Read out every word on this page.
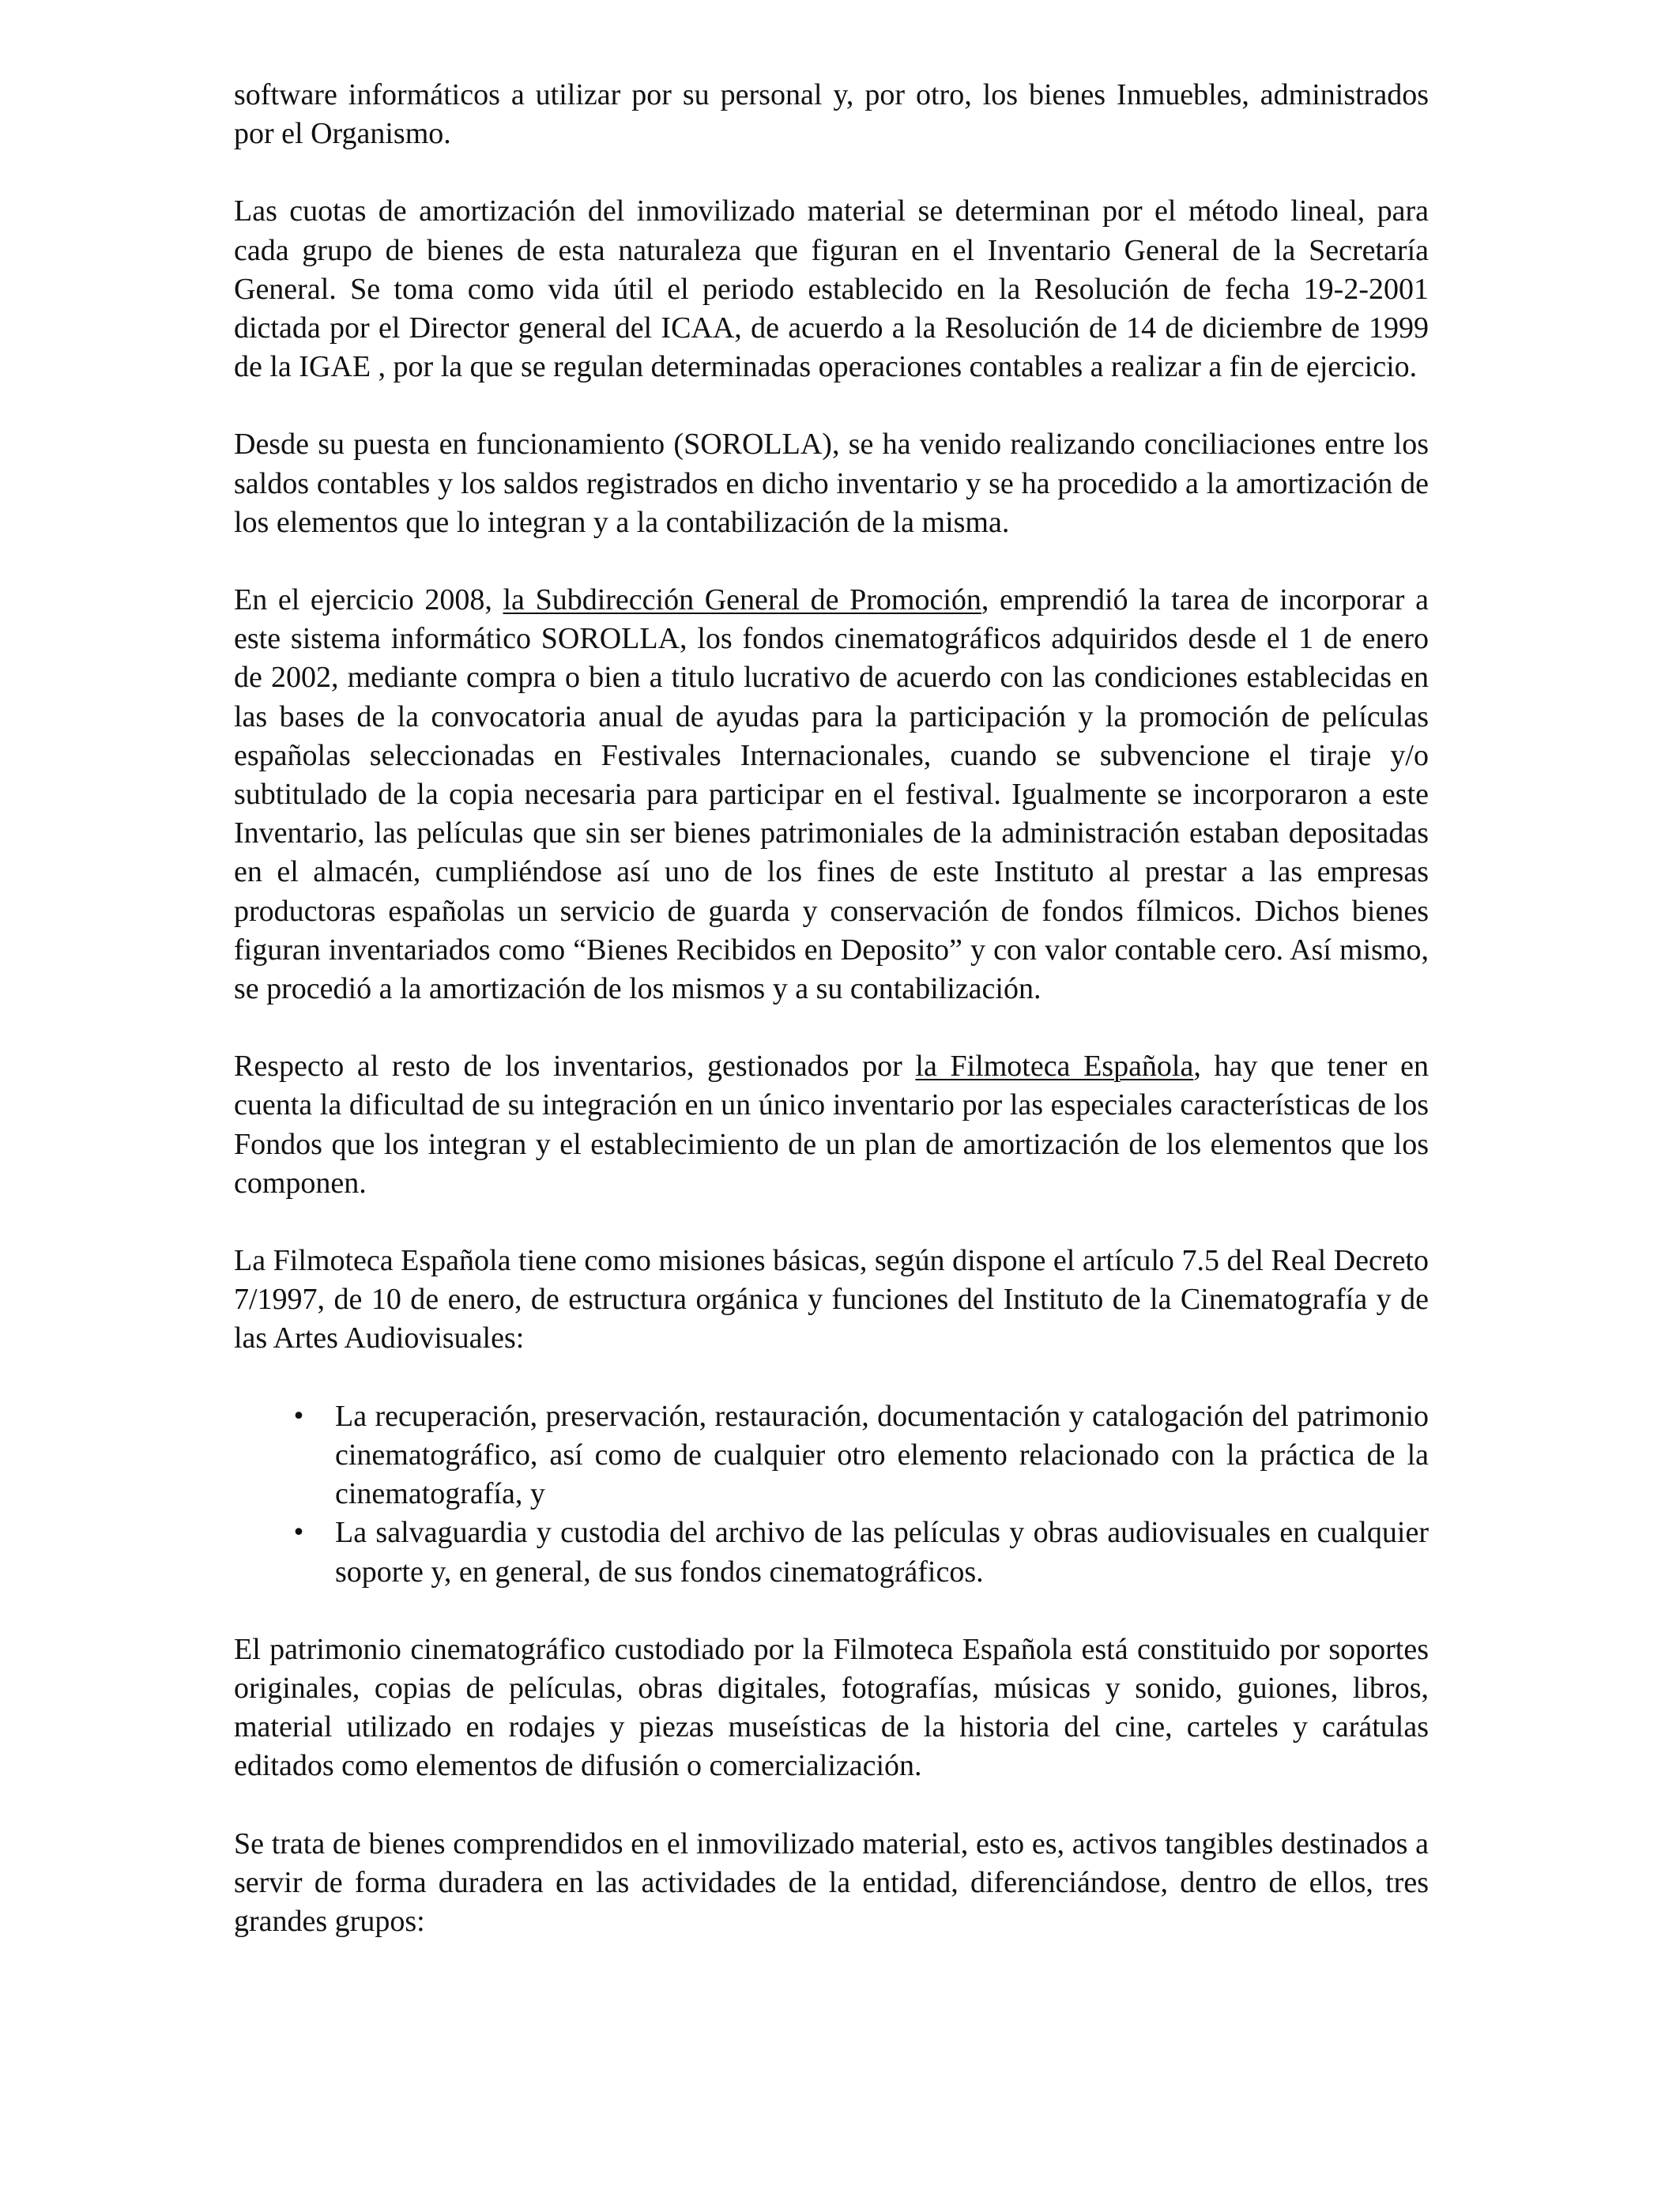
software informáticos a utilizar por su personal y, por otro, los bienes Inmuebles, administrados por el Organismo.

Las cuotas de amortización del inmovilizado material se determinan por el método lineal, para cada grupo de bienes de esta naturaleza que figuran en el Inventario General de la Secretaría General. Se toma como vida útil el periodo establecido en la Resolución de fecha 19-2-2001 dictada por el Director general del ICAA, de acuerdo a la Resolución de 14 de diciembre de 1999 de la IGAE , por la que se regulan determinadas operaciones contables a realizar a fin de ejercicio.

Desde su puesta en funcionamiento (SOROLLA), se ha venido realizando conciliaciones entre los saldos contables y los saldos registrados en dicho inventario y se ha procedido a la amortización de los elementos que lo integran y a la contabilización de la misma.

En el ejercicio 2008, la Subdirección General de Promoción, emprendió la tarea de incorporar a este sistema informático SOROLLA, los fondos cinematográficos adquiridos desde el 1 de enero de 2002, mediante compra o bien a titulo lucrativo de acuerdo con las condiciones establecidas en las bases de la convocatoria anual de ayudas para la participación y la promoción de películas españolas seleccionadas en Festivales Internacionales, cuando se subvencione el tiraje y/o subtitulado de la copia necesaria para participar en el festival. Igualmente se incorporaron a este Inventario, las películas que sin ser bienes patrimoniales de la administración estaban depositadas en el almacén, cumpliéndose así uno de los fines de este Instituto al prestar a las empresas productoras españolas un servicio de guarda y conservación de fondos fílmicos. Dichos bienes figuran inventariados como “Bienes Recibidos en Deposito” y con valor contable cero. Así mismo, se procedió a la amortización de los mismos y a su contabilización.

Respecto al resto de los inventarios, gestionados por la Filmoteca Española, hay que tener en cuenta la dificultad de su integración en un único inventario por las especiales características de los Fondos que los integran y el establecimiento de un plan de amortización de los elementos que los componen.

La Filmoteca Española tiene como misiones básicas, según dispone el artículo 7.5 del Real Decreto 7/1997, de 10 de enero, de estructura orgánica y funciones del Instituto de la Cinematografía y de las Artes Audiovisuales:

• La recuperación, preservación, restauración, documentación y catalogación del patrimonio cinematográfico, así como de cualquier otro elemento relacionado con la práctica de la cinematografía, y
• La salvaguardia y custodia del archivo de las películas y obras audiovisuales en cualquier soporte y, en general, de sus fondos cinematográficos.

El patrimonio cinematográfico custodiado por la Filmoteca Española está constituido por soportes originales, copias de películas, obras digitales, fotografías, músicas y sonido, guiones, libros, material utilizado en rodajes y piezas museísticas de la historia del cine, carteles y carátulas editados como elementos de difusión o comercialización.

Se trata de bienes comprendidos en el inmovilizado material, esto es, activos tangibles destinados a servir de forma duradera en las actividades de la entidad, diferenciándose, dentro de ellos, tres grandes grupos:
